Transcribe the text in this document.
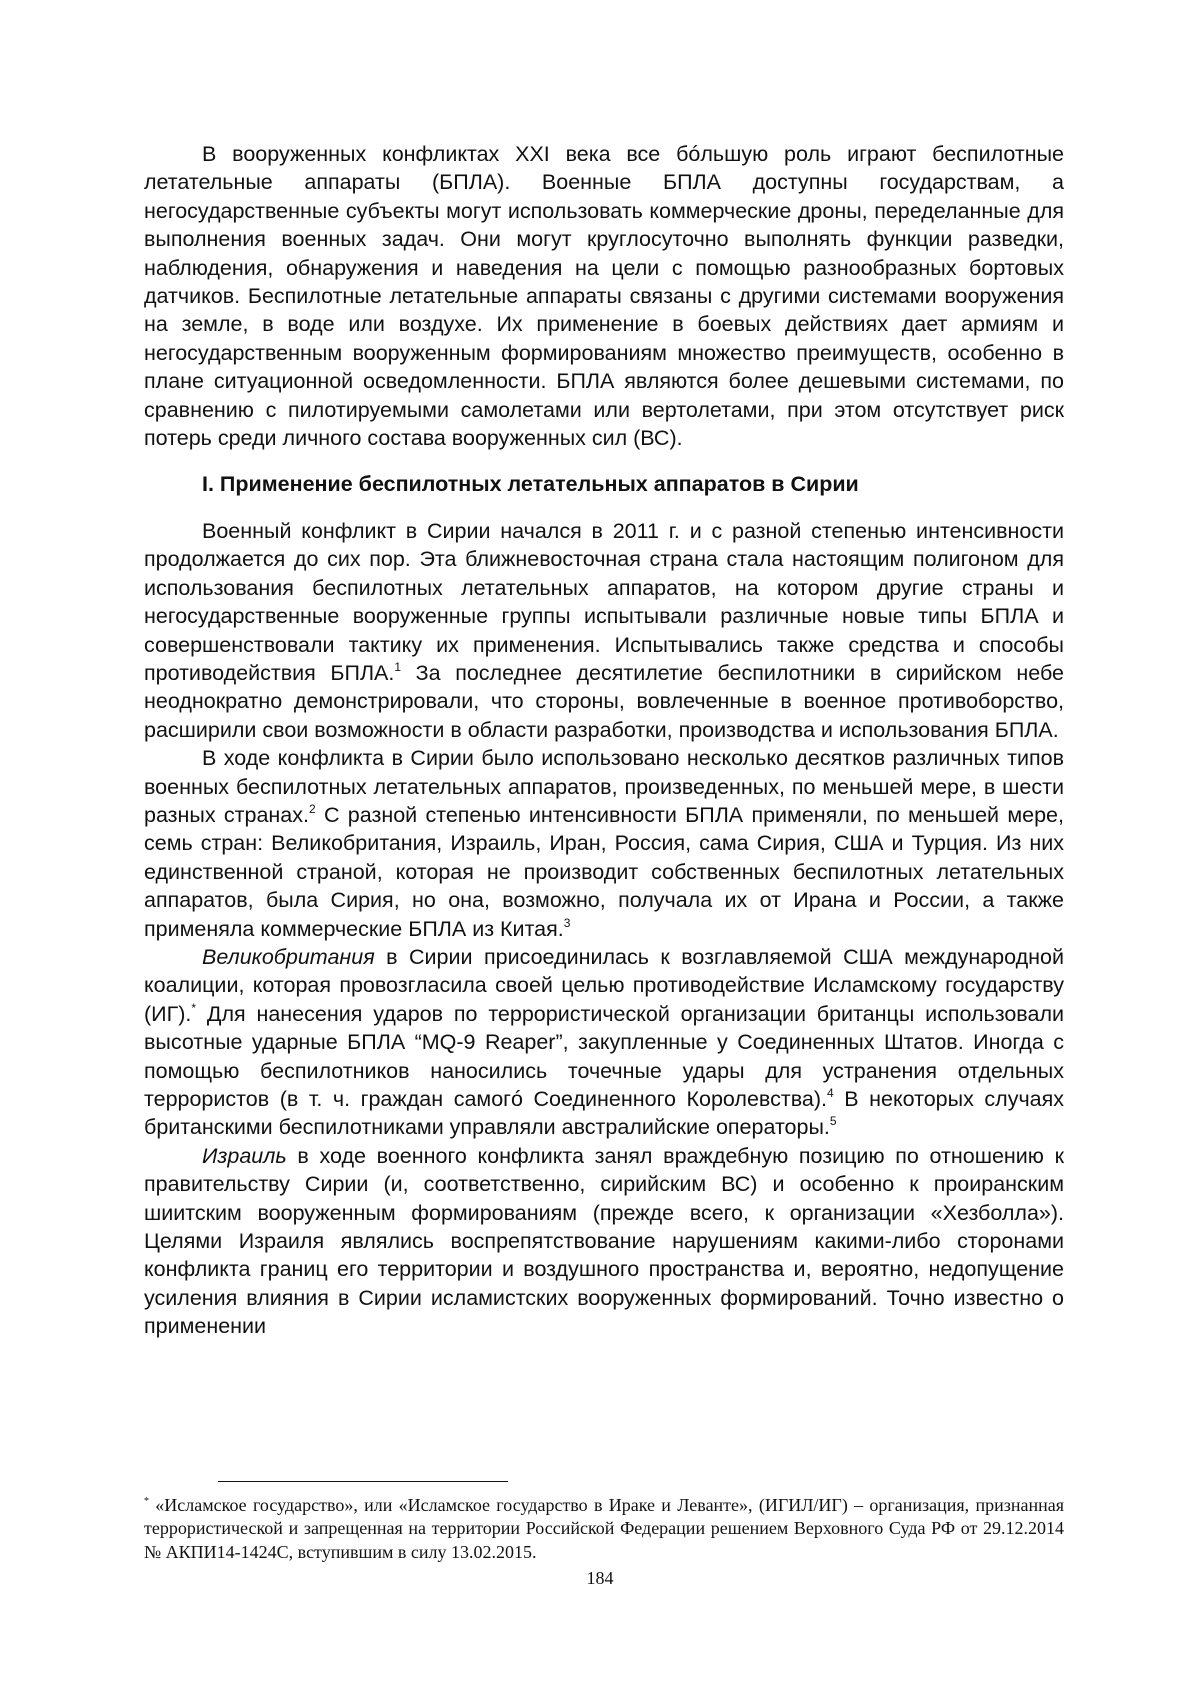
В вооруженных конфликтах XXI века все бóльшую роль играют беспилотные летательные аппараты (БПЛА). Военные БПЛА доступны государствам, а негосударственные субъекты могут использовать коммерческие дроны, переделанные для выполнения военных задач. Они могут круглосуточно выполнять функции разведки, наблюдения, обнаружения и наведения на цели с помощью разнообразных бортовых датчиков. Беспилотные летательные аппараты связаны с другими системами вооружения на земле, в воде или воздухе. Их применение в боевых действиях дает армиям и негосударственным вооруженным формированиям множество преимуществ, особенно в плане ситуационной осведомленности. БПЛА являются более дешевыми системами, по сравнению с пилотируемыми самолетами или вертолетами, при этом отсутствует риск потерь среди личного состава вооруженных сил (ВС).

I. Применение беспилотных летательных аппаратов в Сирии

Военный конфликт в Сирии начался в 2011 г. и с разной степенью интенсивности продолжается до сих пор. Эта ближневосточная страна стала настоящим полигоном для использования беспилотных летательных аппаратов, на котором другие страны и негосударственные вооруженные группы испытывали различные новые типы БПЛА и совершенствовали тактику их применения. Испытывались также средства и способы противодействия БПЛА.$^1$ За последнее десятилетие беспилотники в сирийском небе неоднократно демонстрировали, что стороны, вовлеченные в военное противоборство, расширили свои возможности в области разработки, производства и использования БПЛА.

В ходе конфликта в Сирии было использовано несколько десятков различных типов военных беспилотных летательных аппаратов, произведенных, по меньшей мере, в шести разных странах.$^2$ С разной степенью интенсивности БПЛА применяли, по меньшей мере, семь стран: Великобритания, Израиль, Иран, Россия, сама Сирия, США и Турция. Из них единственной страной, которая не производит собственных беспилотных летательных аппаратов, была Сирия, но она, возможно, получала их от Ирана и России, а также применяла коммерческие БПЛА из Китая.$^3$

Великобритания в Сирии присоединилась к возглавляемой США международной коалиции, которая провозгласила своей целью противодействие Исламскому государству (ИГ).* Для нанесения ударов по террористической организации британцы использовали высотные ударные БПЛА “MQ-9 Reaper”, закупленные у Соединенных Штатов. Иногда с помощью беспилотников наносились точечные удары для устранения отдельных террористов (в т. ч. граждан самогó Соединенного Королевства).$^4$ В некоторых случаях британскими беспилотниками управляли австралийские операторы.$^5$

Израиль в ходе военного конфликта занял враждебную позицию по отношению к правительству Сирии (и, соответственно, сирийским ВС) и особенно к проиранским шиитским вооруженным формированиям (прежде всего, к организации «Хезболла»). Целями Израиля являлись воспрепятствование нарушениям какими-либо сторонами конфликта границ его территории и воздушного пространства и, вероятно, недопущение усиления влияния в Сирии исламистских вооруженных формирований. Точно известно о применении

* «Исламское государство», или «Исламское государство в Ираке и Леванте», (ИГИЛ/ИГ) – организация, признанная террористической и запрещенная на территории Российской Федерации решением Верховного Суда РФ от 29.12.2014 № АКПИ14-1424С, вступившим в силу 13.02.2015.

184
